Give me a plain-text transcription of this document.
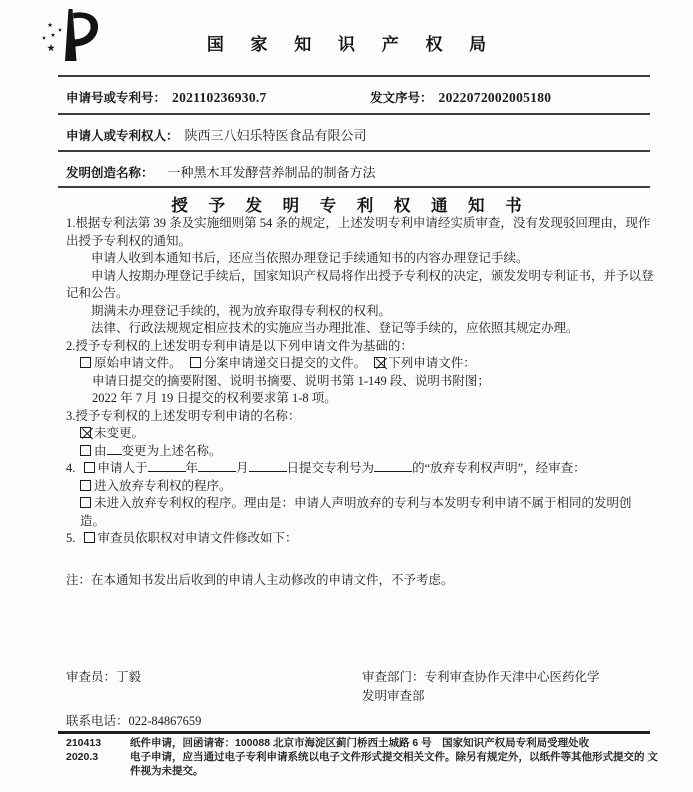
国 家 知 识 产 权 局
申请号或专利号： 202110236930.7	发文序号： 2022072002005180
申请人或专利权人： 陕西三八妇乐特医食品有限公司
发明创造名称： 一种黑木耳发酵营养制品的制备方法
授 予 发 明 专 利 权 通 知 书

1.根据专利法第 39 条及实施细则第 54 条的规定，上述发明专利申请经实质审查，没有发现驳回理由，现作出授予专利权的通知。

申请人收到本通知书后，还应当依照办理登记手续通知书的内容办理登记手续。

申请人按期办理登记手续后，国家知识产权局将作出授予专利权的决定，颁发发明专利证书，并予以登记和公告。

期满未办理登记手续的，视为放弃取得专利权的权利。

法律、行政法规规定相应技术的实施应当办理批准、登记等手续的，应依照其规定办理。

2.授予专利权的上述发明专利申请是以下列申请文件为基础的：

原始申请文件。 分案申请递交日提交的文件。 下列申请文件：

申请日提交的摘要附图、说明书摘要、说明书第 1-149 段、说明书附图；

2022 年 7 月 19 日提交的权利要求第 1-8 项。

3.授予专利权的上述发明专利申请的名称：

未变更。

由 变更为上述名称。

4. 申请人于	年	月	日提交专利号为	的“放弃专利权声明”，经审查：

进入放弃专利权的程序。

未进入放弃专利权的程序。理由是：申请人声明放弃的专利与本发明专利申请不属于相同的发明创造。

5. 审查员依职权对申请文件修改如下：

注：在本通知书发出后收到的申请人主动修改的申请文件，不予考虑。

审查员：丁毅	审查部门：专利审查协作天津中心医药化学
发明审查部
联系电话：022-84867659

210413

2020.3

纸件申请，回函请寄：100088 北京市海淀区蓟门桥西土城路 6 号　国家知识产权局专利局受理处收

电子申请，应当通过电子专利申请系统以电子文件形式提交相关文件。除另有规定外，以纸件等其他形式提交的 文件视为未提交。
